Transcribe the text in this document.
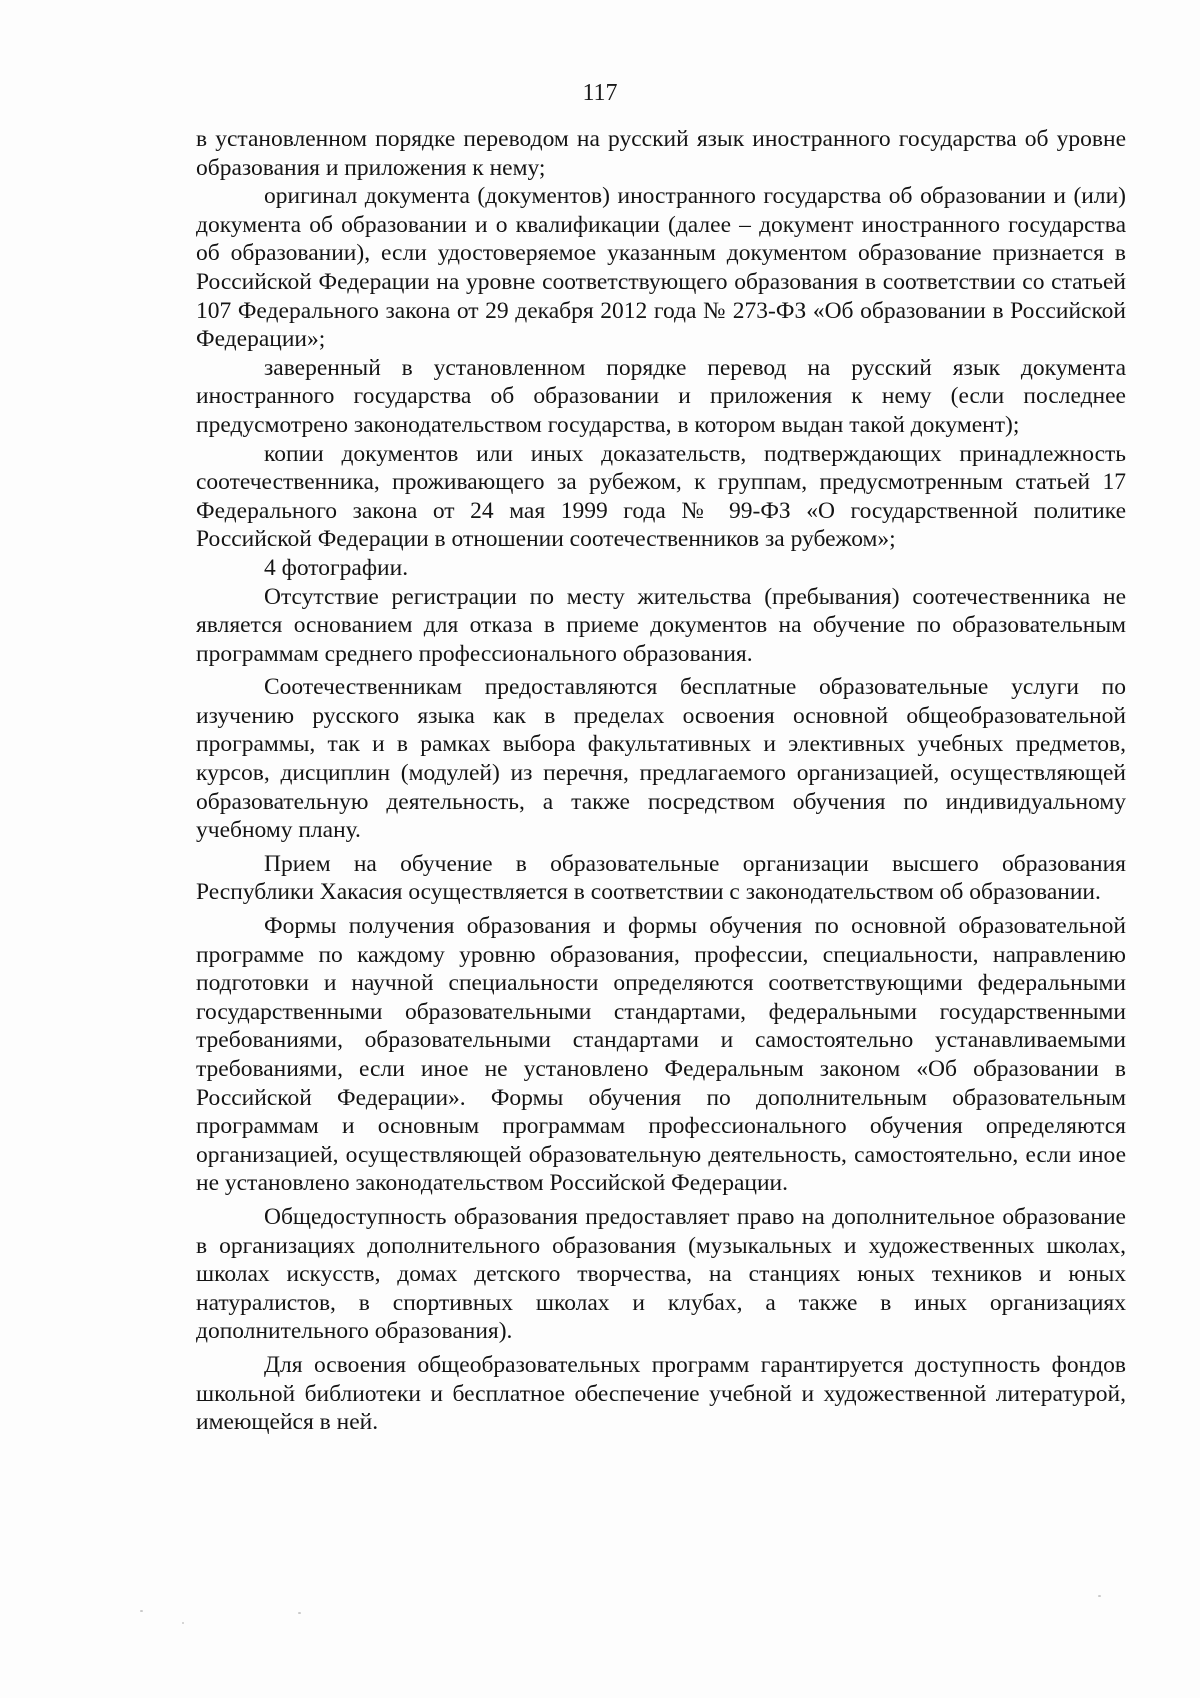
117

в установленном порядке переводом на русский язык иностранного государства об уровне образования и приложения к нему;

оригинал документа (документов) иностранного государства об образовании и (или) документа об образовании и о квалификации (далее – документ иностранного государства об образовании), если удостоверяемое указанным документом образование признается в Российской Федерации на уровне соответствующего образования в соответствии со статьей 107 Федерального закона от 29 декабря 2012 года № 273-ФЗ «Об образовании в Российской Федерации»;

заверенный в установленном порядке перевод на русский язык документа иностранного государства об образовании и приложения к нему (если последнее предусмотрено законодательством государства, в котором выдан такой документ);

копии документов или иных доказательств, подтверждающих принадлежность соотечественника, проживающего за рубежом, к группам, предусмотренным статьей 17 Федерального закона от 24 мая 1999 года № 99-ФЗ «О государственной политике Российской Федерации в отношении соотечественников за рубежом»;

4 фотографии.

Отсутствие регистрации по месту жительства (пребывания) соотечественника не является основанием для отказа в приеме документов на обучение по образовательным программам среднего профессионального образования.

Соотечественникам предоставляются бесплатные образовательные услуги по изучению русского языка как в пределах освоения основной общеобразовательной программы, так и в рамках выбора факультативных и элективных учебных предметов, курсов, дисциплин (модулей) из перечня, предлагаемого организацией, осуществляющей образовательную деятельность, а также посредством обучения по индивидуальному учебному плану.

Прием на обучение в образовательные организации высшего образования Республики Хакасия осуществляется в соответствии с законодательством об образовании.

Формы получения образования и формы обучения по основной образовательной программе по каждому уровню образования, профессии, специальности, направлению подготовки и научной специальности определяются соответствующими федеральными государственными образовательными стандартами, федеральными государственными требованиями, образовательными стандартами и самостоятельно устанавливаемыми требованиями, если иное не установлено Федеральным законом «Об образовании в Российской Федерации». Формы обучения по дополнительным образовательным программам и основным программам профессионального обучения определяются организацией, осуществляющей образовательную деятельность, самостоятельно, если иное не установлено законодательством Российской Федерации.

Общедоступность образования предоставляет право на дополнительное образование в организациях дополнительного образования (музыкальных и художественных школах, школах искусств, домах детского творчества, на станциях юных техников и юных натуралистов, в спортивных школах и клубах, а также в иных организациях дополнительного образования).

Для освоения общеобразовательных программ гарантируется доступность фондов школьной библиотеки и бесплатное обеспечение учебной и художественной литературой, имеющейся в ней.
